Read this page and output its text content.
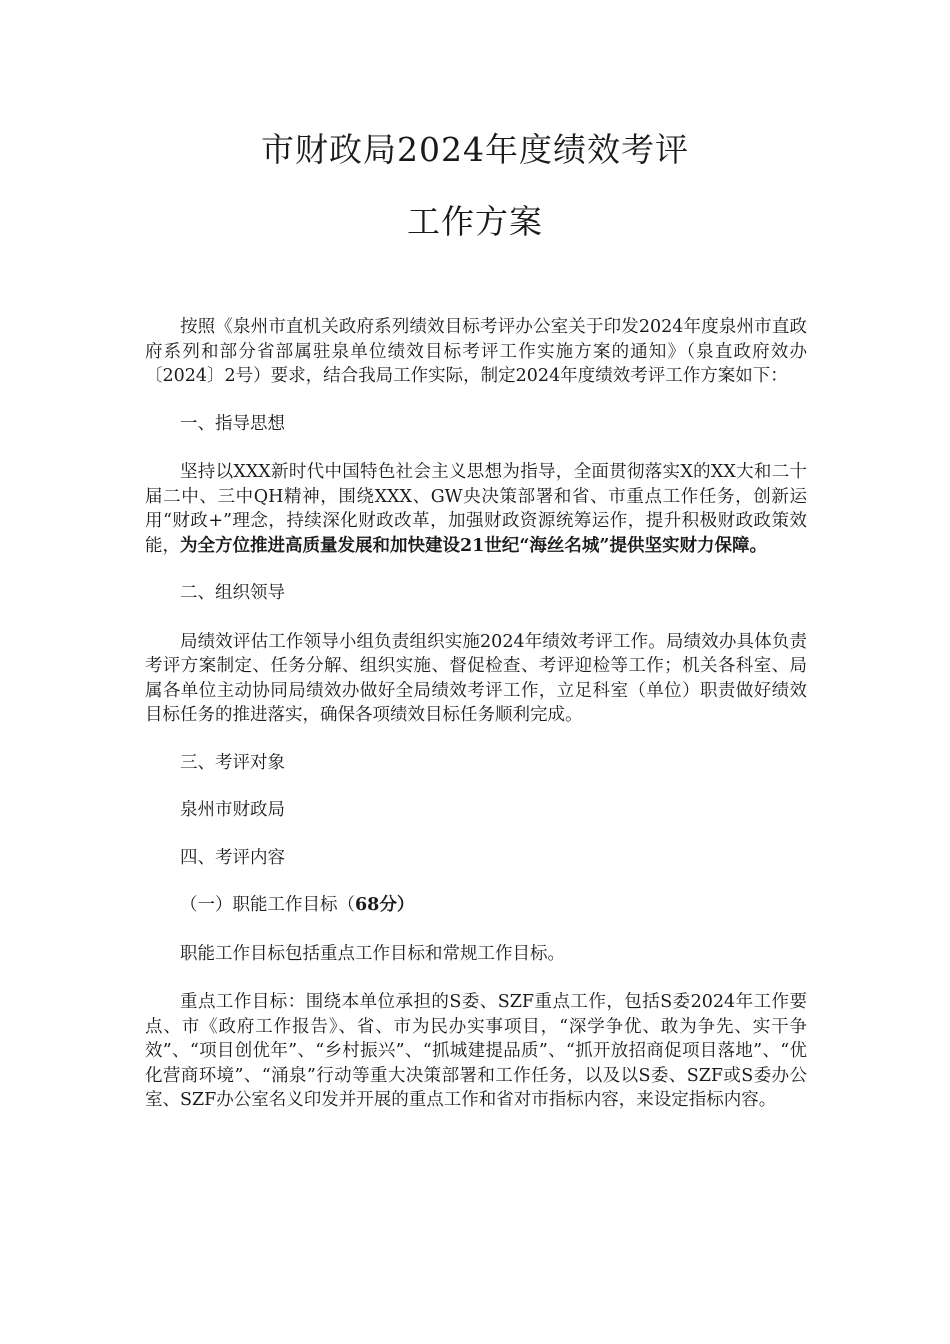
市财政局2024年度绩效考评
工作方案

按照《泉州市直机关政府系列绩效目标考评办公室关于印发2024年度泉州市直政府系列和部分省部属驻泉单位绩效目标考评工作实施方案的通知》（泉直政府效办〔2024〕2号）要求，结合我局工作实际，制定2024年度绩效考评工作方案如下：

一、指导思想

坚持以XXX新时代中国特色社会主义思想为指导，全面贯彻落实X的XX大和二十届二中、三中QH精神，围绕XXX、GW央决策部署和省、市重点工作任务，创新运用“财政+”理念，持续深化财政改革，加强财政资源统筹运作，提升积极财政政策效能，为全方位推进高质量发展和加快建设21世纪“海丝名城”提供坚实财力保障。

二、组织领导

局绩效评估工作领导小组负责组织实施2024年绩效考评工作。局绩效办具体负责考评方案制定、任务分解、组织实施、督促检查、考评迎检等工作；机关各科室、局属各单位主动协同局绩效办做好全局绩效考评工作，立足科室（单位）职责做好绩效目标任务的推进落实，确保各项绩效目标任务顺利完成。

三、考评对象

泉州市财政局

四、考评内容

（一）职能工作目标（68分）

职能工作目标包括重点工作目标和常规工作目标。

重点工作目标：围绕本单位承担的S委、SZF重点工作，包括S委2024年工作要点、市《政府工作报告》、省、市为民办实事项目，“深学争优、敢为争先、实干争效”、“项目创优年”、“乡村振兴”、“抓城建提品质”、“抓开放招商促项目落地”、“优化营商环境”、“涌泉”行动等重大决策部署和工作任务，以及以S委、SZF或S委办公室、SZF办公室名义印发并开展的重点工作和省对市指标内容，来设定指标内容。
